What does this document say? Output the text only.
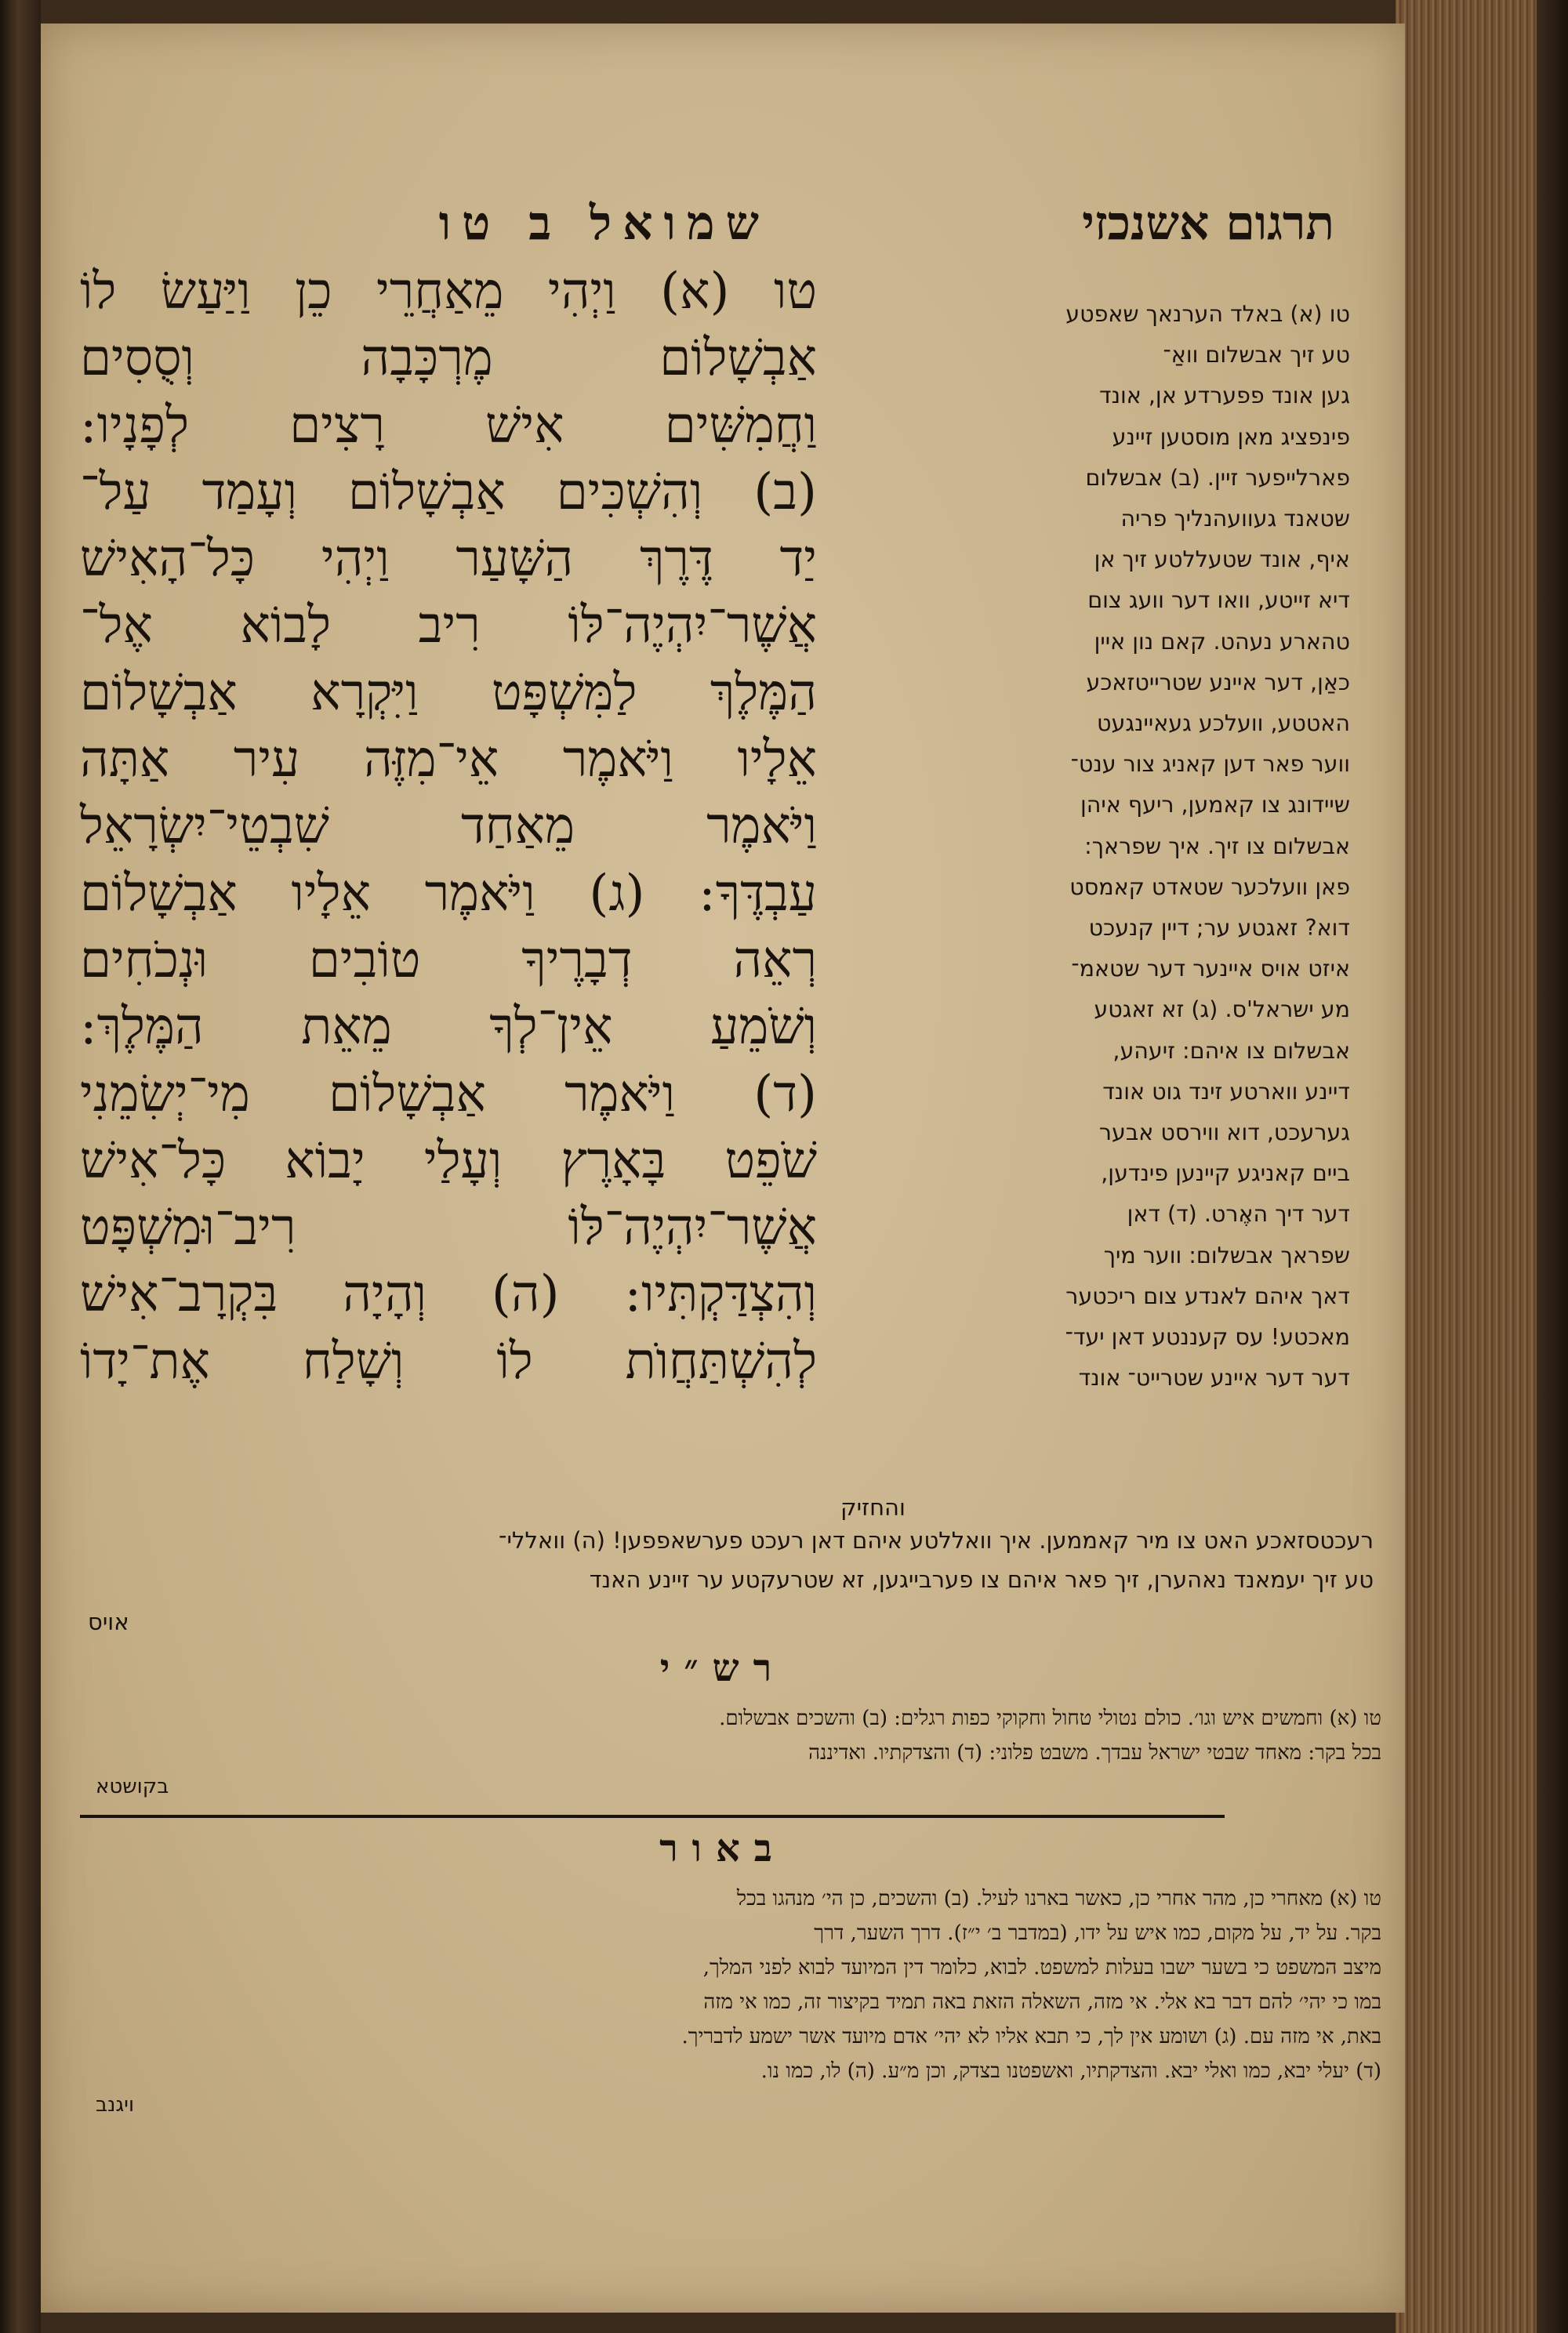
תרגום אשנכזי
שמואל ב טו
טו (א) וַיְהִי מֵאַחֲרֵי כֵן וַיַּעַשׂ לוֹ
אַבְשָׁלוֹם מֶרְכָּבָה וְסֻסִים
וַחֲמִשִּׁים אִישׁ רָצִים לְפָנָיו:
(ב) וְהִשְׁכִּים אַבְשָׁלוֹם וְעָמַד עַל־
יַד דֶּרֶךְ הַשָּׁעַר וַיְהִי כָּל־הָאִישׁ
אֲשֶׁר־יִהְיֶה־לּוֹ רִיב לָבוֹא אֶל־
הַמֶּלֶךְ לַמִּשְׁפָּט וַיִּקְרָא אַבְשָׁלוֹם
אֵלָיו וַיֹּאמֶר אֵי־מִזֶּה עִיר אַתָּה
וַיֹּאמֶר מֵאַחַד שִׁבְטֵי־יִשְׂרָאֵל
עַבְדֶּךָ: (ג) וַיֹּאמֶר אֵלָיו אַבְשָׁלוֹם
רְאֵה דְבָרֶיךָ טוֹבִים וּנְכֹחִים
וְשֹׁמֵעַ אֵין־לְךָ מֵאֵת הַמֶּלֶךְ:
(ד) וַיֹּאמֶר אַבְשָׁלוֹם מִי־יְשִׂמֵנִי
שֹׁפֵט בָּאָרֶץ וְעָלַי יָבוֹא כָּל־אִישׁ
אֲשֶׁר־יִהְיֶה־לּוֹ רִיב־וּמִשְׁפָּט
וְהִצְדַּקְתִּיו: (ה) וְהָיָה בִּקְרָב־אִישׁ
לְהִשְׁתַּחֲוֺת לוֹ וְשָׁלַח אֶת־יָדוֹ
והחזיק
טו (א) באלד הערנאך שאפטע
טע זיך אבשלום וואַ־
גען אונד פפערדע אן, אונד
פינפציג מאן מוסטען זיינע
פארלייפער זיין. (ב) אבשלום
שטאנד געוועהנליך פריה
איף, אונד שטעללטע זיך אן
דיא זייטע, וואו דער וועג צום
טהארע נעהט. קאם נון איין
כאַן, דער איינע שטרייטזאכע
האטטע, וועלכע געאיינגעט
ווער פאר דען קאניג צור ענט־
שיידונג צו קאמען, ריעף איהן
אבשלום צו זיך. איך שפראך:
פאן וועלכער שטאדט קאמסט
דוא? זאגטע ער; דיין קנעכט
איזט אויס איינער דער שטאמ־
מע ישראל'ס. (ג) זא זאגטע
אבשלום צו איהם: זיעהע,
דיינע ווארטע זינד גוט אונד
גערעכט, דוא ווירסט אבער
ביים קאניגע קיינען פינדען,
דער דיך האֶרט. (ד) דאן
שפראך אבשלום: ווער מיך
דאך איהם לאנדע צום ריכטער
מאכטע! עס קעננטע דאן יעד־
דער דער איינע שטרייט־ אונד
רעכטסזאכע האט צו מיר קאממען. איך וואללטע איהם דאן רעכט פערשאפפען! (ה) וואללי־
טע זיך יעמאנד נאהערן, זיך פאר איהם צו פערבייגען, זא שטרעקטע ער זיינע האנד
אויס
רש״י
טו (א) וחמשים איש וגו׳. כולם נטולי טחול וחקוקי כפות רגלים: (ב) והשכים אבשלום.
בכל בקר: מאחד שבטי ישראל עבדך. משבט פלוני: (ד) והצדקתיו. ואדיננה
בקושטא
באור
טו (א) מאחרי כן, מהר אחרי כן, כאשר בארנו לעיל. (ב) והשכים, כן הי׳ מנהגו בכל
בקר. על יד, על מקום, כמו איש על ידו, (במדבר ב׳ י״ז). דרך השער, דרך
מיצב המשפט כי בשער ישבו בעלות למשפט. לבוא, כלומר דין המיועד לבוא לפני המלך,
במו כי יהי׳ להם דבר בא אלי. אי מזה, השאלה הזאת באה תמיד בקיצור זה, כמו אי מזה
באת, אי מזה עם. (ג) ושומע אין לך, כי תבא אליו לא יהי׳ אדם מיועד אשר ישמע לדבריך.
(ד) יעלי יבא, כמו ואלי יבא. והצדקתיו, ואשפטנו בצדק, וכן מ״ע. (ה) לו, כמו נו.
ויגנב
